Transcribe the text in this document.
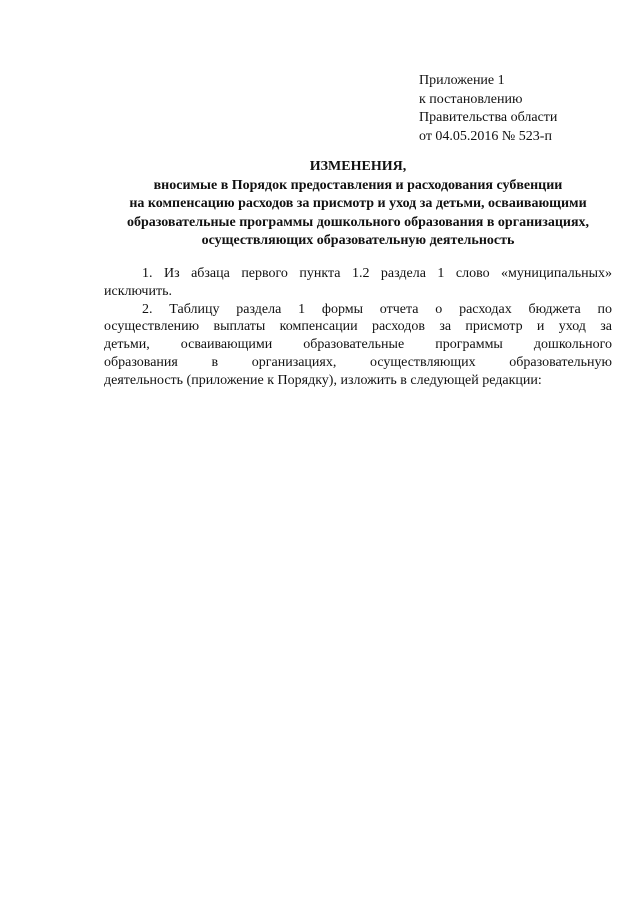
Приложение 1
к постановлению
Правительства области
от 04.05.2016 № 523-п
ИЗМЕНЕНИЯ,
вносимые в Порядок предоставления и расходования субвенции
на компенсацию расходов за присмотр и уход за детьми, осваивающими
образовательные программы дошкольного образования в организациях,
осуществляющих образовательную деятельность
1. Из абзаца первого пункта 1.2 раздела 1 слово «муниципальных»
исключить.
2. Таблицу раздела 1 формы отчета о расходах бюджета по
осуществлению выплаты компенсации расходов за присмотр и уход за
детьми, осваивающими образовательные программы дошкольного
образования в организациях, осуществляющих образовательную
деятельность (приложение к Порядку), изложить в следующей редакции:
